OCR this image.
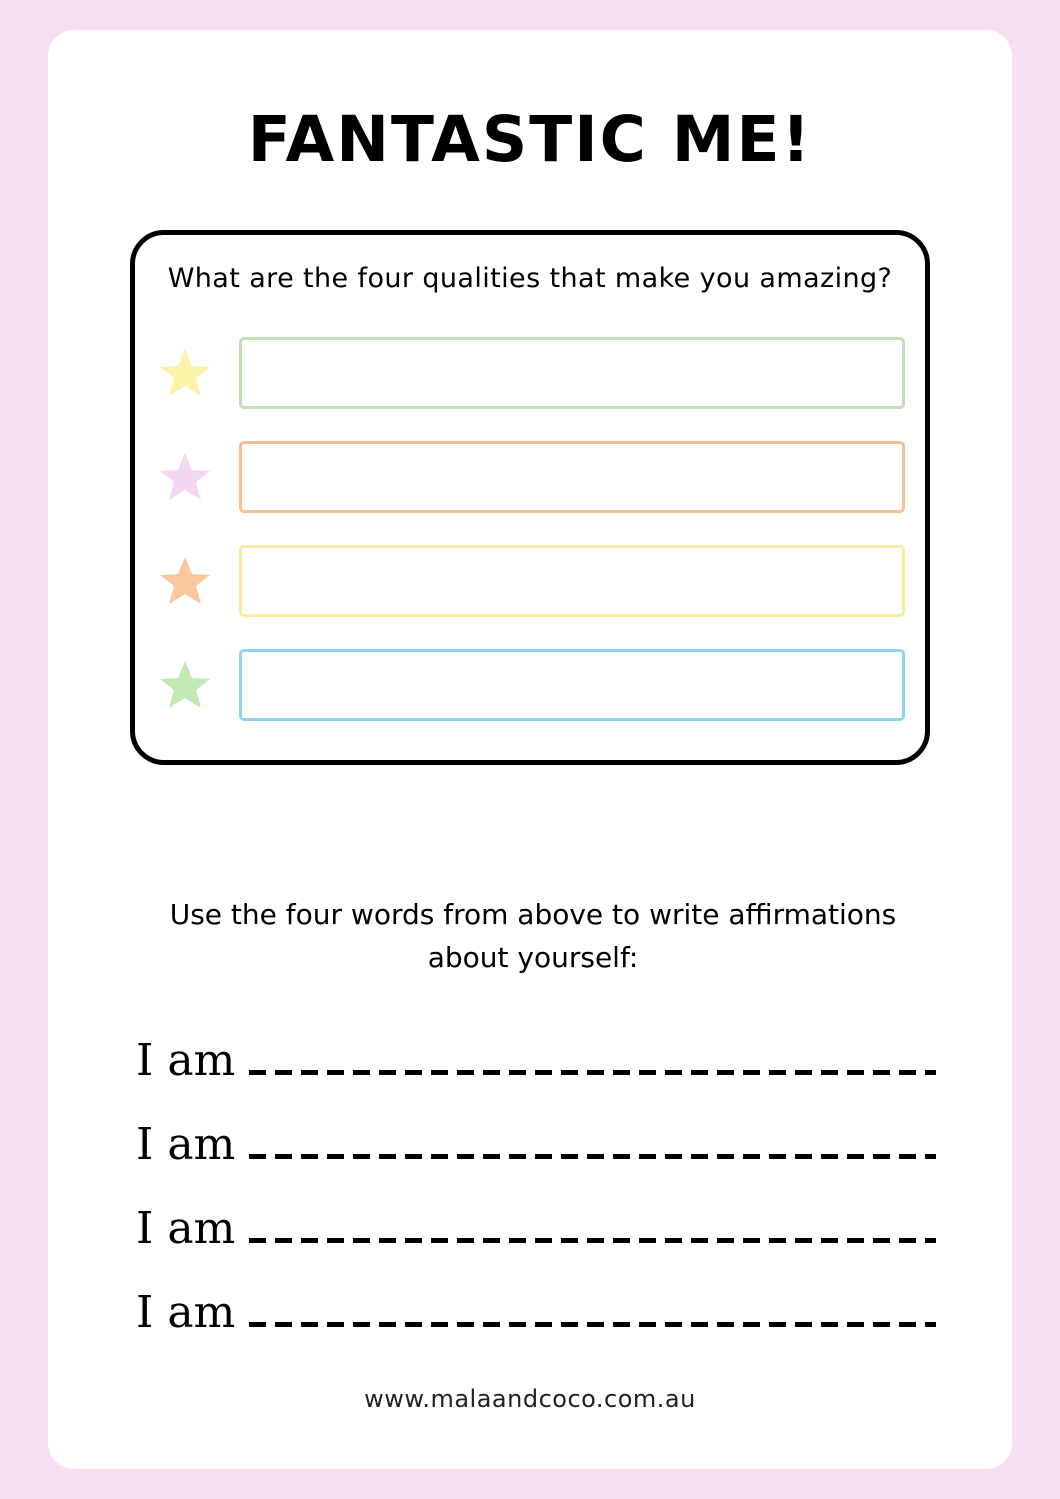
FANTASTIC ME!

What are the four qualities that make you amazing?

Use the four words from above to write affirmations about yourself:

I am
I am
I am
I am
www.malaandcoco.com.au
